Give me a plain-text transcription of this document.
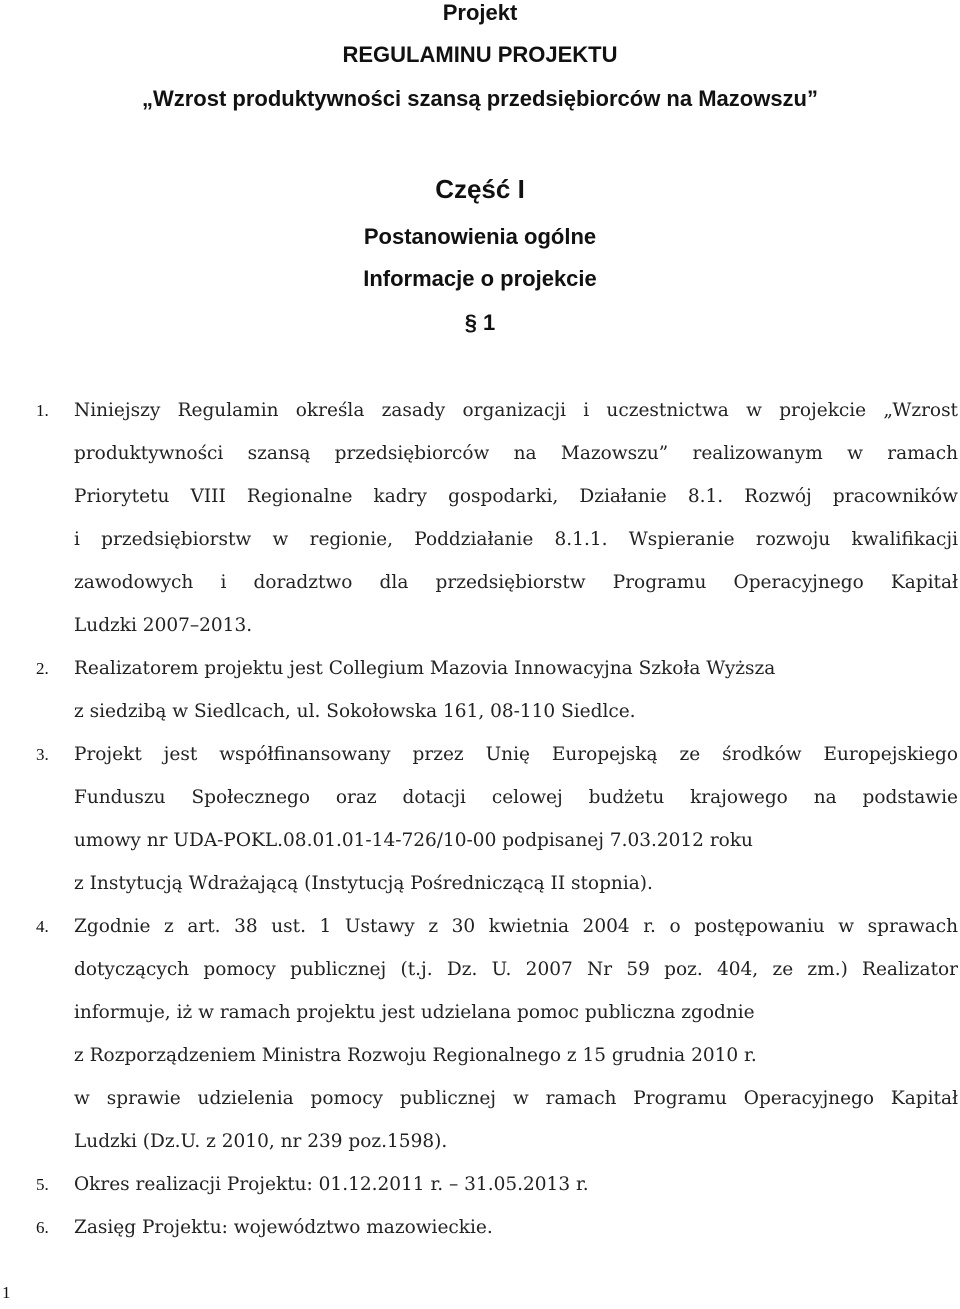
Projekt
REGULAMINU PROJEKTU
„Wzrost produktywności szansą przedsiębiorców na Mazowszu”
Część I
Postanowienia ogólne
Informacje o projekcie
§ 1
1.	Niniejszy Regulamin określa zasady organizacji i uczestnictwa w projekcie „Wzrost
produktywności szansą przedsiębiorców na Mazowszu” realizowanym w ramach
Priorytetu VIII Regionalne kadry gospodarki, Działanie 8.1. Rozwój pracowników
i przedsiębiorstw w regionie, Poddziałanie 8.1.1. Wspieranie rozwoju kwalifikacji
zawodowych i doradztwo dla przedsiębiorstw Programu Operacyjnego Kapitał
Ludzki 2007–2013.
2.	Realizatorem projektu jest Collegium Mazovia Innowacyjna Szkoła Wyższa
z siedzibą w Siedlcach, ul. Sokołowska 161, 08-110 Siedlce.
3.	Projekt jest współfinansowany przez Unię Europejską ze środków Europejskiego
Funduszu Społecznego oraz dotacji celowej budżetu krajowego na podstawie
umowy nr UDA-POKL.08.01.01-14-726/10-00 podpisanej 7.03.2012 roku
z Instytucją Wdrażającą (Instytucją Pośredniczącą II stopnia).
4.	Zgodnie z art. 38 ust. 1 Ustawy z 30 kwietnia 2004 r. o postępowaniu w sprawach
dotyczących pomocy publicznej (t.j. Dz. U. 2007 Nr 59 poz. 404, ze zm.) Realizator
informuje, iż w ramach projektu jest udzielana pomoc publiczna zgodnie
z Rozporządzeniem Ministra Rozwoju Regionalnego z 15 grudnia 2010 r.
w sprawie udzielenia pomocy publicznej w ramach Programu Operacyjnego Kapitał
Ludzki (Dz.U. z 2010, nr 239 poz.1598).
5.	Okres realizacji Projektu: 01.12.2011 r. – 31.05.2013 r.
6.	Zasięg Projektu: województwo mazowieckie.
1
